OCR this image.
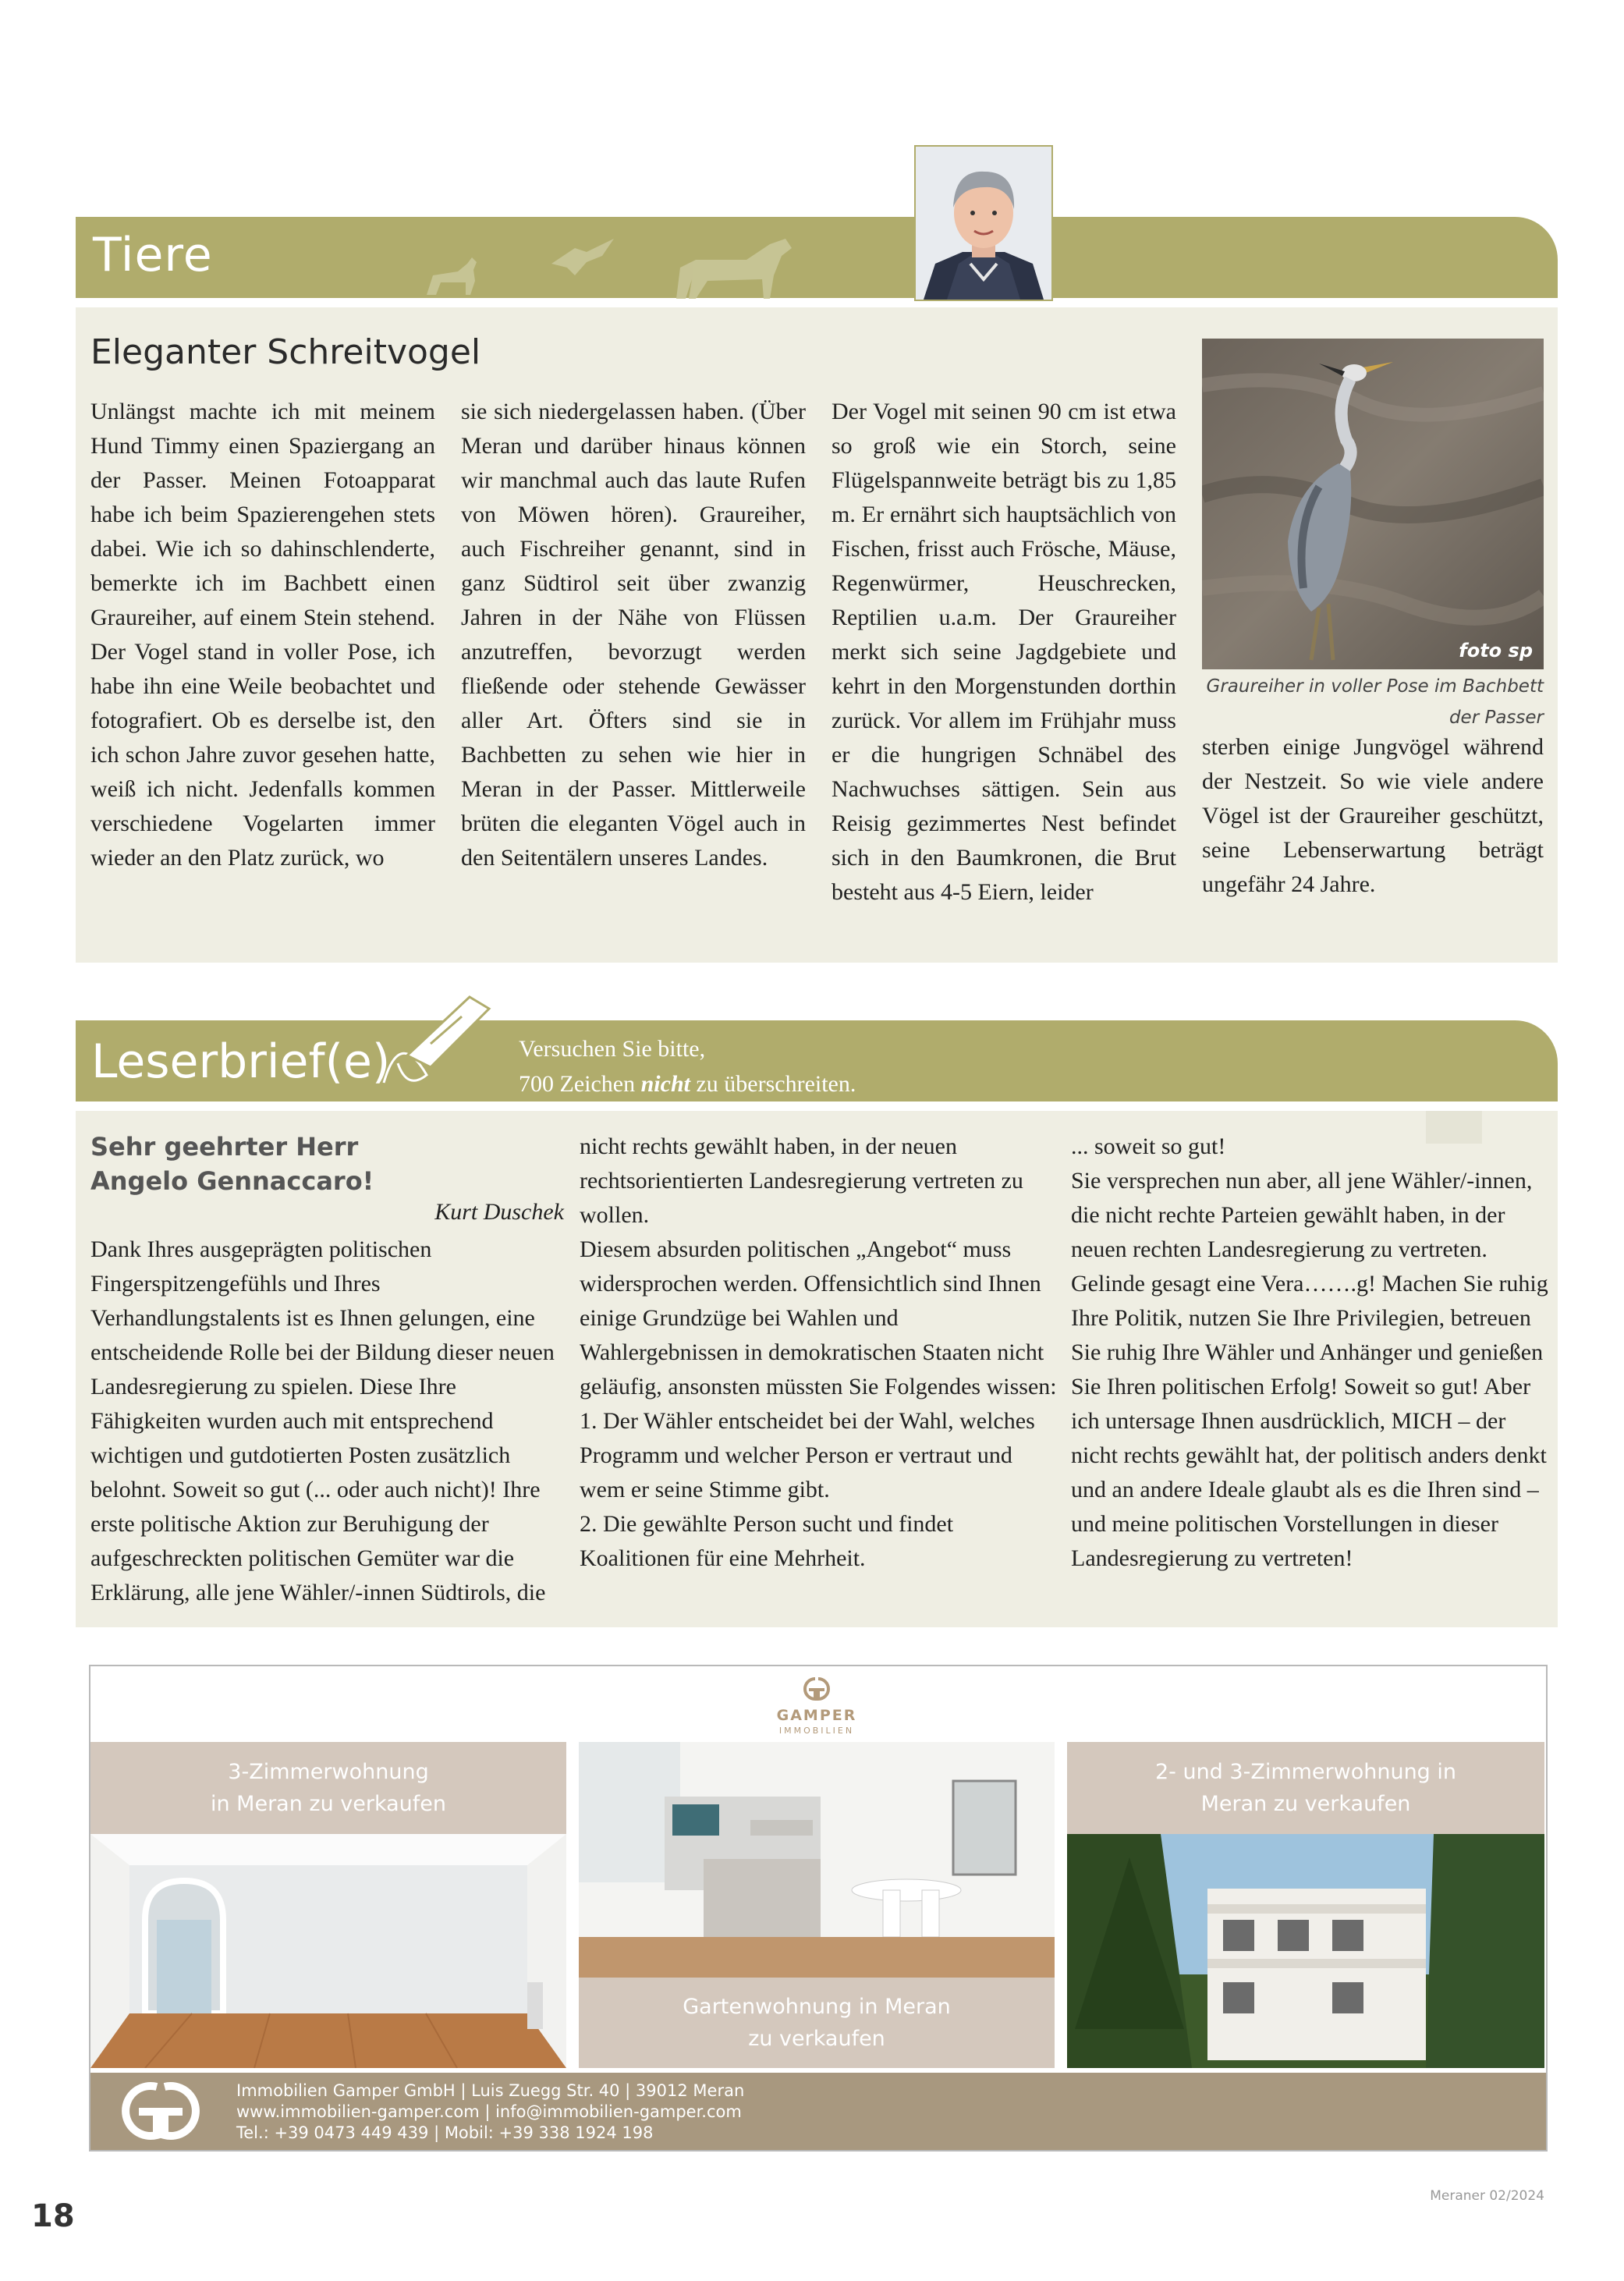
Tiere
Eleganter Schreitvogel

Unlängst machte ich mit meinem Hund Timmy einen Spaziergang an der Passer. Meinen Fotoapparat habe ich beim Spazierengehen stets dabei. Wie ich so dahinschlenderte, bemerkte ich im Bachbett einen Graureiher, auf einem Stein stehend. Der Vogel stand in voller Pose, ich habe ihn eine Weile beobachtet und fotografiert. Ob es derselbe ist, den ich schon Jahre zuvor gesehen hatte, weiß ich nicht. Jedenfalls kommen verschiedene Vogelarten immer wieder an den Platz zurück, wo

sie sich niedergelassen haben. (Über Meran und darüber hinaus können wir manchmal auch das laute Rufen von Möwen hören). Graureiher, auch Fischreiher genannt, sind in ganz Südtirol seit über zwanzig Jahren in der Nähe von Flüssen anzutreffen, bevorzugt werden fließende oder stehende Gewässer aller Art. Öfters sind sie in Bachbetten zu sehen wie hier in Meran in der Passer. Mittlerweile brüten die eleganten Vögel auch in den Seitentälern unseres Landes.

Der Vogel mit seinen 90 cm ist etwa so groß wie ein Storch, seine Flügelspannweite beträgt bis zu 1,85 m. Er ernährt sich hauptsächlich von Fischen, frisst auch Frösche, Mäuse, Regenwürmer, Heuschrecken, Reptilien u.a.m. Der Graureiher merkt sich seine Jagdgebiete und kehrt in den Morgenstunden dorthin zurück. Vor allem im Frühjahr muss er die hungrigen Schnäbel des Nachwuchses sättigen. Sein aus Reisig gezimmertes Nest befindet sich in den Baumkronen, die Brut besteht aus 4-5 Eiern, leider

sterben einige Jungvögel während der Nestzeit. So wie viele andere Vögel ist der Graureiher geschützt, seine Lebenserwartung beträgt ungefähr 24 Jahre.

foto sp
Graureiher in voller Pose im Bachbett der Passer
Leserbrief(e)	Versuchen Sie bitte,
700 Zeichen nicht zu überschreiten.
Sehr geehrter Herr
Angelo Gennaccaro!
Kurt Duschek

Dank Ihres ausgeprägten politischen Fingerspitzengefühls und Ihres Verhandlungstalents ist es Ihnen gelungen, eine entscheidende Rolle bei der Bildung dieser neuen Landesregierung zu spielen. Diese Ihre Fähigkeiten wurden auch mit entsprechend wichtigen und gutdotierten Posten zusätzlich belohnt. Soweit so gut (... oder auch nicht)! Ihre erste politische Aktion zur Beruhigung der aufgeschreckten politischen Gemüter war die Erklärung, alle jene Wähler/-innen Südtirols, die

nicht rechts gewählt haben, in der neuen rechtsorientierten Landesregierung vertreten zu wollen.

Diesem absurden politischen „Angebot“ muss widersprochen werden. Offensichtlich sind Ihnen einige Grundzüge bei Wahlen und Wahlergebnissen in demokratischen Staaten nicht geläufig, ansonsten müssten Sie Folgendes wissen:

1. Der Wähler entscheidet bei der Wahl, welches Programm und welcher Person er vertraut und wem er seine Stimme gibt.

2. Die gewählte Person sucht und findet Koalitionen für eine Mehrheit.

... soweit so gut!

Sie versprechen nun aber, all jene Wähler/-innen, die nicht rechte Parteien gewählt haben, in der neuen rechten Landesregierung zu vertreten. Gelinde gesagt eine Vera…….g! Machen Sie ruhig Ihre Politik, nutzen Sie Ihre Privilegien, betreuen Sie ruhig Ihre Wähler und Anhänger und genießen Sie Ihren politischen Erfolg! Soweit so gut! Aber ich untersage Ihnen ausdrücklich, MICH – der nicht rechts gewählt hat, der politisch anders denkt und an andere Ideale glaubt als es die Ihren sind – und meine politischen Vorstellungen in dieser Landesregierung zu vertreten!

GAMPER
IMMOBILIEN
3-Zimmerwohnung
in Meran zu verkaufen
Gartenwohnung in Meran
zu verkaufen
2- und 3-Zimmerwohnung in
Meran zu verkaufen
Immobilien Gamper GmbH | Luis Zuegg Str. 40 | 39012 Meran
www.immobilien-gamper.com | info@immobilien-gamper.com
Tel.: +39 0473 449 439 | Mobil: +39 338 1924 198
18
Meraner 02/2024
